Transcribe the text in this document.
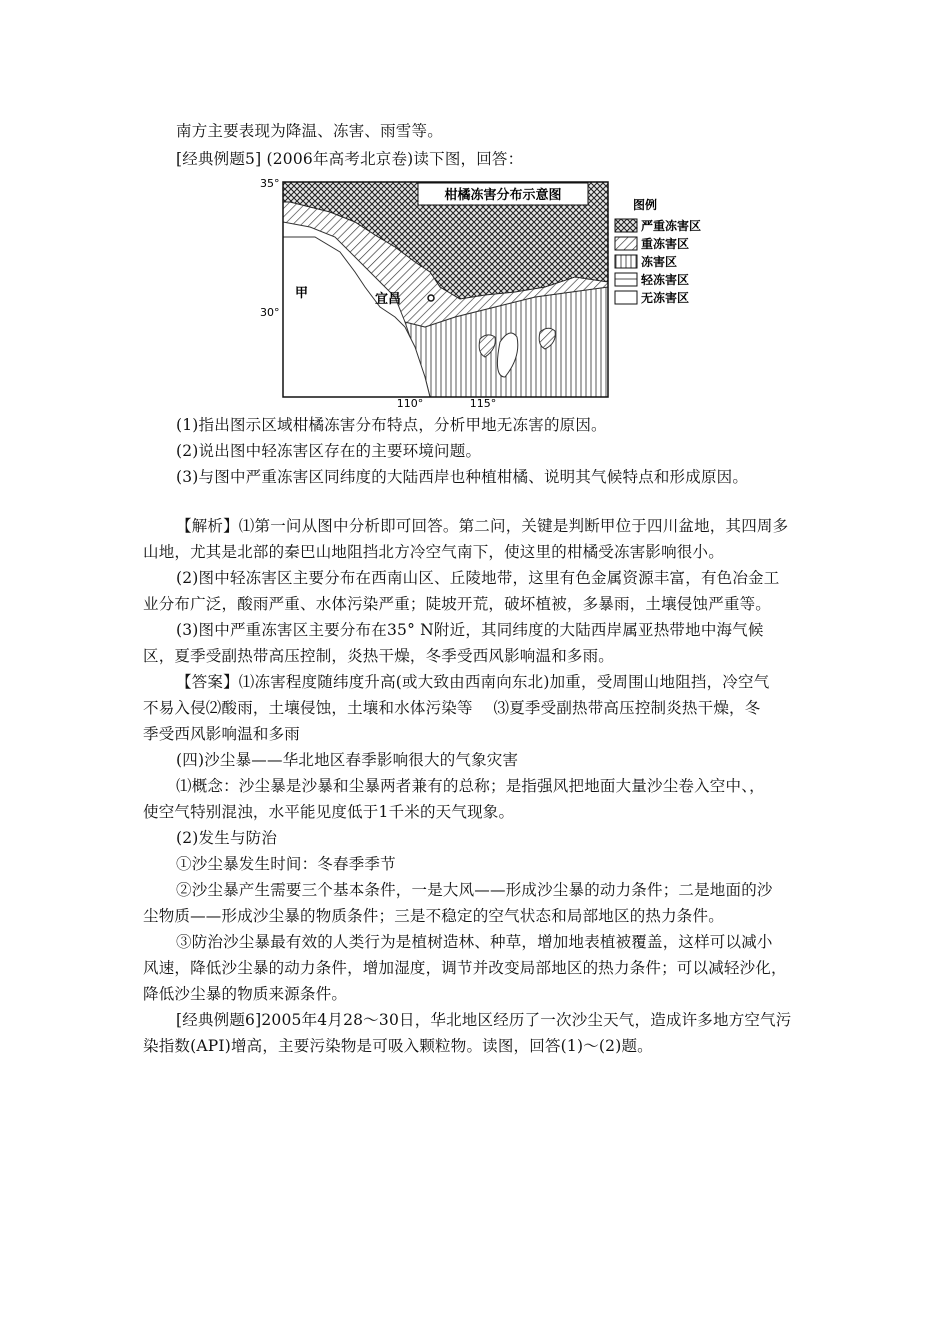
南方主要表现为降温、冻害、雨雪等。
[经典例题5] (2006年高考北京卷)读下图，回答：
柑橘冻害分布示意图
35°
30°
110°	115°
甲	宜昌
图例
严重冻害区
重冻害区
冻害区
轻冻害区
无冻害区
(1)指出图示区域柑橘冻害分布特点，分析甲地无冻害的原因。
(2)说出图中轻冻害区存在的主要环境问题。
(3)与图中严重冻害区同纬度的大陆西岸也种植柑橘、说明其气候特点和形成原因。
【解析】⑴第一问从图中分析即可回答。第二问，关键是判断甲位于四川盆地，其四周多
山地，尤其是北部的秦巴山地阻挡北方冷空气南下，使这里的柑橘受冻害影响很小。
(2)图中轻冻害区主要分布在西南山区、丘陵地带，这里有色金属资源丰富，有色冶金工
业分布广泛，酸雨严重、水体污染严重；陡坡开荒，破坏植被，多暴雨，土壤侵蚀严重等。
(3)图中严重冻害区主要分布在35° N附近，其同纬度的大陆西岸属亚热带地中海气候
区，夏季受副热带高压控制，炎热干燥，冬季受西风影响温和多雨。
【答案】⑴冻害程度随纬度升高(或大致由西南向东北)加重，受周围山地阻挡，冷空气
不易入侵⑵酸雨，土壤侵蚀，土壤和水体污染等　 ⑶夏季受副热带高压控制炎热干燥，冬
季受西风影响温和多雨
(四)沙尘暴——华北地区春季影响很大的气象灾害
⑴概念：沙尘暴是沙暴和尘暴两者兼有的总称；是指强风把地面大量沙尘卷入空中、，
使空气特别混浊，水平能见度低于1千米的天气现象。
(2)发生与防治
①沙尘暴发生时间：冬春季季节
②沙尘暴产生需要三个基本条件，一是大风——形成沙尘暴的动力条件；二是地面的沙
尘物质——形成沙尘暴的物质条件；三是不稳定的空气状态和局部地区的热力条件。
③防治沙尘暴最有效的人类行为是植树造林、种草，增加地表植被覆盖，这样可以减小
风速，降低沙尘暴的动力条件，增加湿度，调节并改变局部地区的热力条件；可以减轻沙化，
降低沙尘暴的物质来源条件。
[经典例题6]2005年4月28～30日，华北地区经历了一次沙尘天气，造成许多地方空气污
染指数(API)增高，主要污染物是可吸入颗粒物。读图，回答(1)～(2)题。
